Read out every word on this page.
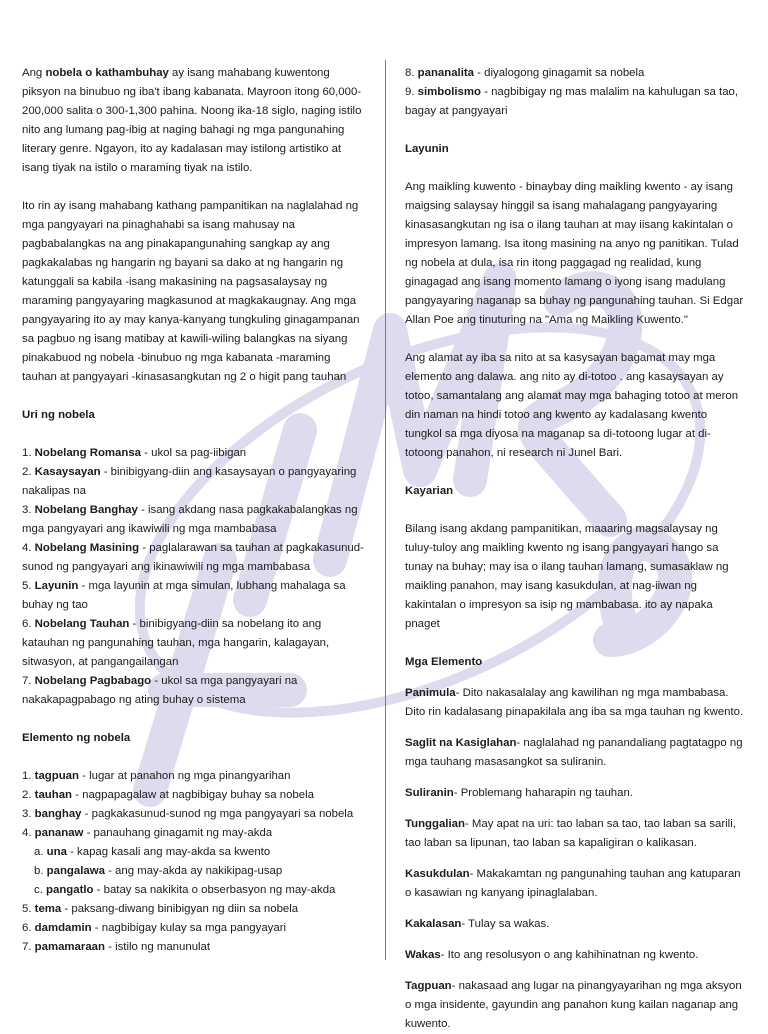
Ang nobela o kathambuhay ay isang mahabang kuwentong piksyon na binubuo ng iba't ibang kabanata. Mayroon itong 60,000-200,000 salita o 300-1,300 pahina. Noong ika-18 siglo, naging istilo nito ang lumang pag-ibig at naging bahagi ng mga pangunahing literary genre. Ngayon, ito ay kadalasan may istilong artistiko at isang tiyak na istilo o maraming tiyak na istilo.

Ito rin ay isang mahabang kathang pampanitikan na naglalahad ng mga pangyayari na pinaghahabi sa isang mahusay na pagbabalangkas na ang pinakapangunahing sangkap ay ang pagkakalabas ng hangarin ng bayani sa dako at ng hangarin ng katunggali sa kabila -isang makasining na pagsasalaysay ng maraming pangyayaring magkasunod at magkakaugnay. Ang mga pangyayaring ito ay may kanya-kanyang tungkuling ginagampanan sa pagbuo ng isang matibay at kawili-wiling balangkas na siyang pinakabuod ng nobela -binubuo ng mga kabanata -maraming tauhan at pangyayari -kinasasangkutan ng 2 o higit pang tauhan

Uri ng nobela

1. Nobelang Romansa - ukol sa pag-iibigan

2. Kasaysayan - binibigyang-diin ang kasaysayan o pangyayaring nakalipas na

3. Nobelang Banghay - isang akdang nasa pagkakabalangkas ng mga pangyayari ang ikawiwili ng mga mambabasa

4. Nobelang Masining - paglalarawan sa tauhan at pagkakasunud-sunod ng pangyayari ang ikinawiwili ng mga mambabasa

5. Layunin - mga layunin at mga simulan, lubhang mahalaga sa buhay ng tao

6. Nobelang Tauhan - binibigyang-diin sa nobelang ito ang katauhan ng pangunahing tauhan, mga hangarin, kalagayan, sitwasyon, at pangangailangan

7. Nobelang Pagbabago - ukol sa mga pangyayari na nakakapagpabago ng ating buhay o sistema

Elemento ng nobela

1. tagpuan - lugar at panahon ng mga pinangyarihan

2. tauhan - nagpapagalaw at nagbibigay buhay sa nobela

3. banghay - pagkakasunud-sunod ng mga pangyayari sa nobela

4. pananaw - panauhang ginagamit ng may-akda

a. una - kapag kasali ang may-akda sa kwento

b. pangalawa - ang may-akda ay nakikipag-usap

c. pangatlo - batay sa nakikita o obserbasyon ng may-akda

5. tema - paksang-diwang binibigyan ng diin sa nobela

6. damdamin - nagbibigay kulay sa mga pangyayari

7. pamamaraan - istilo ng manunulat

8. pananalita - diyalogong ginagamit sa nobela

9. simbolismo - nagbibigay ng mas malalim na kahulugan sa tao, bagay at pangyayari

Layunin

Ang maikling kuwento - binaybay ding maikling kwento - ay isang maigsing salaysay hinggil sa isang mahalagang pangyayaring kinasasangkutan ng isa o ilang tauhan at may iisang kakintalan o impresyon lamang. Isa itong masining na anyo ng panitikan. Tulad ng nobela at dula, isa rin itong paggagad ng realidad, kung ginagagad ang isang momento lamang o iyong isang madulang pangyayaring naganap sa buhay ng pangunahing tauhan. Si Edgar Allan Poe ang tinuturing na "Ama ng Maikling Kuwento."

Ang alamat ay iba sa nito at sa kasysayan bagamat may mga elemento ang dalawa. ang nito ay di-totoo . ang kasaysayan ay totoo, samantalang ang alamat may mga bahaging totoo at meron din naman na hindi totoo ang kwento ay kadalasang kwento tungkol sa mga diyosa na maganap sa di-totoong lugar at di-totoong panahon, ni research ni Junel Bari.

Kayarian

Bilang isang akdang pampanitikan, maaaring magsalaysay ng tuluy-tuloy ang maikling kwento ng isang pangyayari hango sa tunay na buhay; may isa o ilang tauhan lamang, sumasaklaw ng maikling panahon, may isang kasukdulan, at nag-iiwan ng kakintalan o impresyon sa isip ng mambabasa. ito ay napaka pnaget

Mga Elemento

Panimula- Dito nakasalalay ang kawilihan ng mga mambabasa. Dito rin kadalasang pinapakilala ang iba sa mga tauhan ng kwento.

Saglit na Kasiglahan- naglalahad ng panandaliang pagtatagpo ng mga tauhang masasangkot sa suliranin.

Suliranin- Problemang haharapin ng tauhan.

Tunggalian- May apat na uri: tao laban sa tao, tao laban sa sarili, tao laban sa lipunan, tao laban sa kapaligiran o kalikasan.

Kasukdulan- Makakamtan ng pangunahing tauhan ang katuparan o kasawian ng kanyang ipinaglalaban.

Kakalasan- Tulay sa wakas.

Wakas- Ito ang resolusyon o ang kahihinatnan ng kwento.

Tagpuan- nakasaad ang lugar na pinangyayarihan ng mga aksyon o mga insidente, gayundin ang panahon kung kailan naganap ang kuwento.
